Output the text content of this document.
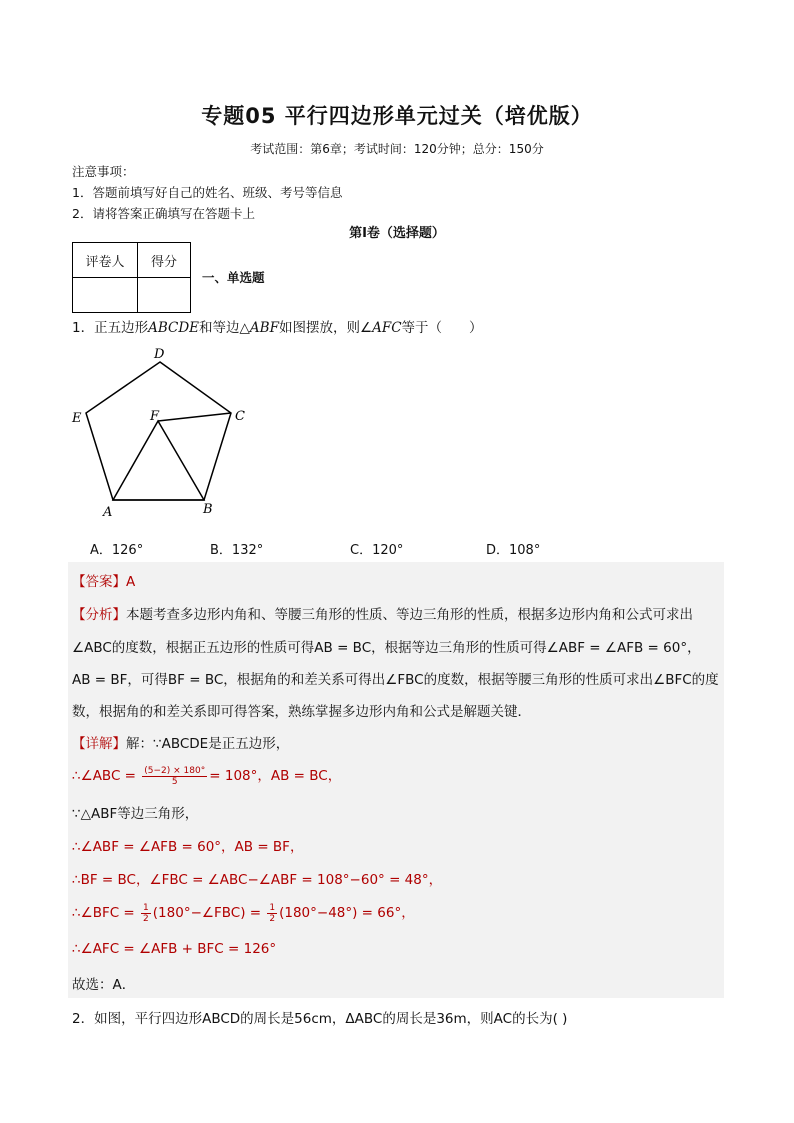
专题05 平行四边形单元过关（培优版）
考试范围：第6章；考试时间：120分钟；总分：150分
注意事项：
1．答题前填写好自己的姓名、班级、考号等信息
2．请将答案正确填写在答题卡上
第Ⅰ卷（选择题）
评卷人	得分

一、单选题
1．正五边形ABCDE和等边△ABF如图摆放，则∠AFC等于（　　）
D
C
E	F
A	B
A．126°	B．132°	C．120°	D．108°
【答案】A
【分析】本题考查多边形内角和、等腰三角形的性质、等边三角形的性质，根据多边形内角和公式可求出
∠ABC的度数，根据正五边形的性质可得AB = BC，根据等边三角形的性质可得∠ABF = ∠AFB = 60°，
AB = BF，可得BF = BC，根据角的和差关系可得出∠FBC的度数，根据等腰三角形的性质可求出∠BFC的度
数，根据角的和差关系即可得答案，熟练掌握多边形内角和公式是解题关键．
【详解】解：∵ABCDE是正五边形，
∴∠ABC = $\frac{(5-2) \times 180^\circ}{5} = 108^\circ$，AB = BC，
∵△ABF等边三角形，
∴∠ABF = ∠AFB = 60°，AB = BF，
∴BF = BC，∠FBC = ∠ABC−∠ABF = 108°−60° = 48°，
∴∠BFC = $\frac{1}{2}$ (180°−∠FBC) = $\frac{1}{2} (180^\circ-48^\circ) = 66^\circ$，
∴∠AFC = ∠AFB + BFC = 126°
故选：A．
2．如图，平行四边形ABCD的周长是56cm，ΔABC的周长是36m，则AC的长为( )
